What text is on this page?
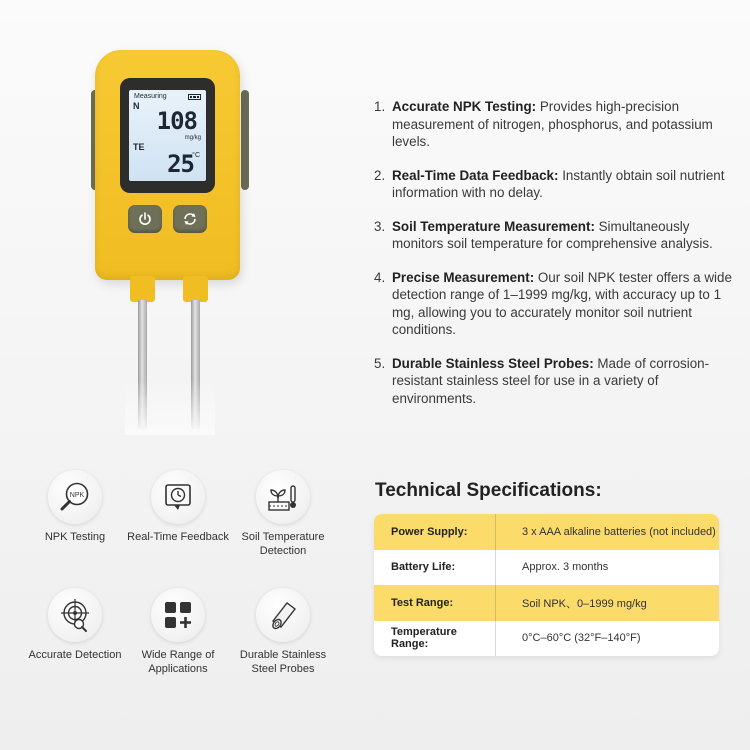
Measuring
N
108
mg/kg
TE
25
°C
1. Accurate NPK Testing: Provides high-precision measurement of nitrogen, phosphorus, and potassium levels.
2. Real-Time Data Feedback: Instantly obtain soil nutrient information with no delay.
3. Soil Temperature Measurement: Simultaneously monitors soil temperature for comprehensive analysis.
4. Precise Measurement: Our soil NPK tester offers a wide detection range of 1–1999 mg/kg, with accuracy up to 1 mg, allowing you to accurately monitor soil nutrient conditions.
5. Durable Stainless Steel Probes: Made of corrosion-resistant stainless steel for use in a variety of environments.
NPK
NPK Testing	Real-Time Feedback	Soil Temperature Detection
Accurate Detection	Wide Range of Applications
Durable Stainless Steel Probes
Technical Specifications:
Power Supply:	3 x AAA alkaline batteries (not included)
Battery Life:	Approx. 3 months
Test Range:	Soil NPK、0–1999 mg/kg
Temperature Range:	0°C–60°C (32°F–140°F)
